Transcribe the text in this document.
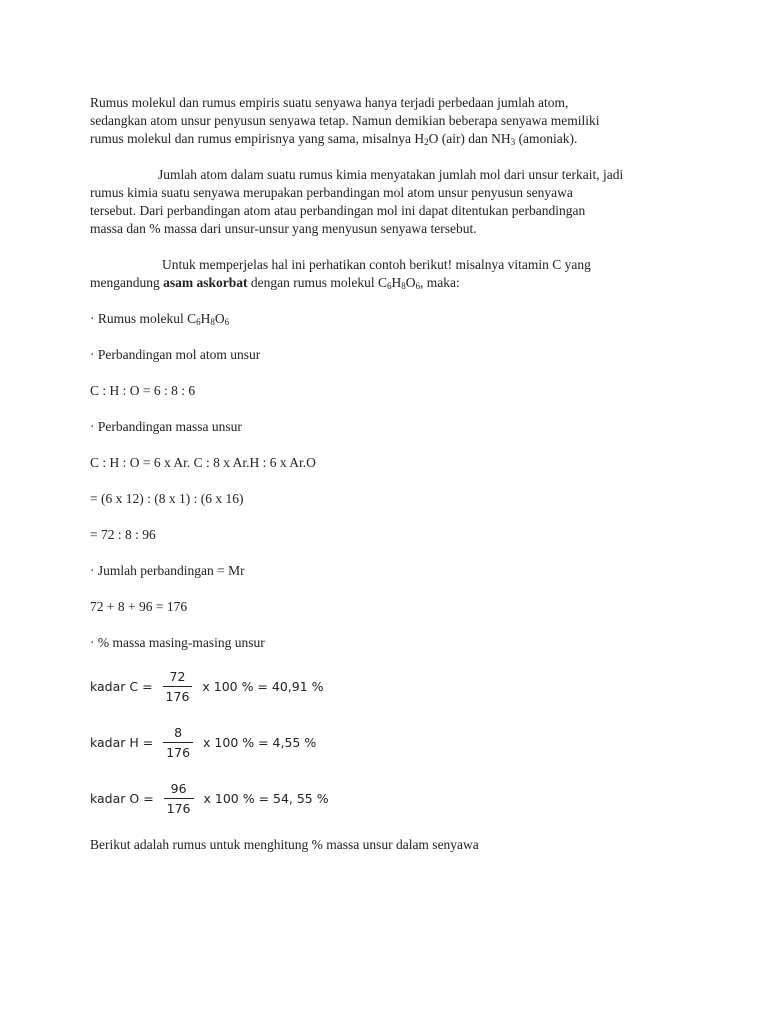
Rumus molekul dan rumus empiris suatu senyawa hanya terjadi perbedaan jumlah atom,
sedangkan atom unsur penyusun senyawa tetap. Namun demikian beberapa senyawa memiliki
rumus molekul dan rumus empirisnya yang sama, misalnya $H_2O$ (air) dan $NH_3$ (amoniak).
Jumlah atom dalam suatu rumus kimia menyatakan jumlah mol dari unsur terkait, jadi
rumus kimia suatu senyawa merupakan perbandingan mol atom unsur penyusun senyawa
tersebut. Dari perbandingan atom atau perbandingan mol ini dapat ditentukan perbandingan
massa dan % massa dari unsur-unsur yang menyusun senyawa tersebut.
Untuk memperjelas hal ini perhatikan contoh berikut! misalnya vitamin C yang
mengandung asam askorbat dengan rumus molekul $C_6H_8O_6$, maka:
· Rumus molekul $C_6H_8O_6$
· Perbandingan mol atom unsur
C : H : O = 6 : 8 : 6
· Perbandingan massa unsur
C : H : O = 6 x Ar. C : 8 x Ar.H : 6 x Ar.O
= (6 x 12) : (8 x 1) : (6 x 16)
= 72 : 8 : 96
· Jumlah perbandingan = Mr
72 + 8 + 96 = 176
· % massa masing-masing unsur
kadar $C = \frac{72}{176}$ x 100 % = 40,91 %
kadar $H = \frac{8}{176}$ x 100 % = 4,55 %
kadar $O = \frac{96}{176}$ x 100 % = 54, 55 %
Berikut adalah rumus untuk menghitung % massa unsur dalam senyawa
